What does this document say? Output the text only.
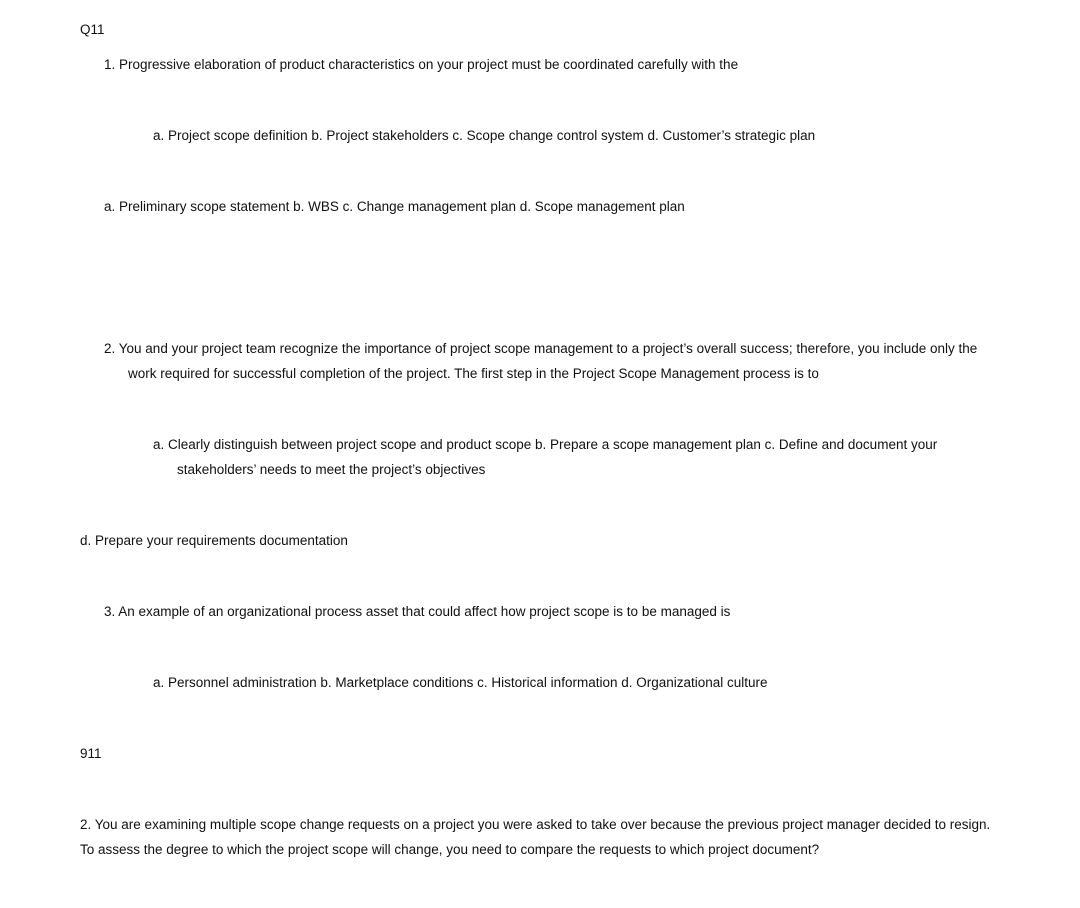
Q11
1. Progressive elaboration of product characteristics on your project must be coordinated carefully with the
a. Project scope definition b. Project stakeholders c. Scope change control system d. Customer’s strategic plan
a. Preliminary scope statement b. WBS c. Change management plan d. Scope management plan
2. You and your project team recognize the importance of project scope management to a project’s overall success; therefore, you include only the
work required for successful completion of the project. The first step in the Project Scope Management process is to
a. Clearly distinguish between project scope and product scope b. Prepare a scope management plan c. Define and document your
stakeholders’ needs to meet the project’s objectives
d. Prepare your requirements documentation
3. An example of an organizational process asset that could affect how project scope is to be managed is
a. Personnel administration b. Marketplace conditions c. Historical information d. Organizational culture
911
2. You are examining multiple scope change requests on a project you were asked to take over because the previous project manager decided to resign.
To assess the degree to which the project scope will change, you need to compare the requests to which project document?
